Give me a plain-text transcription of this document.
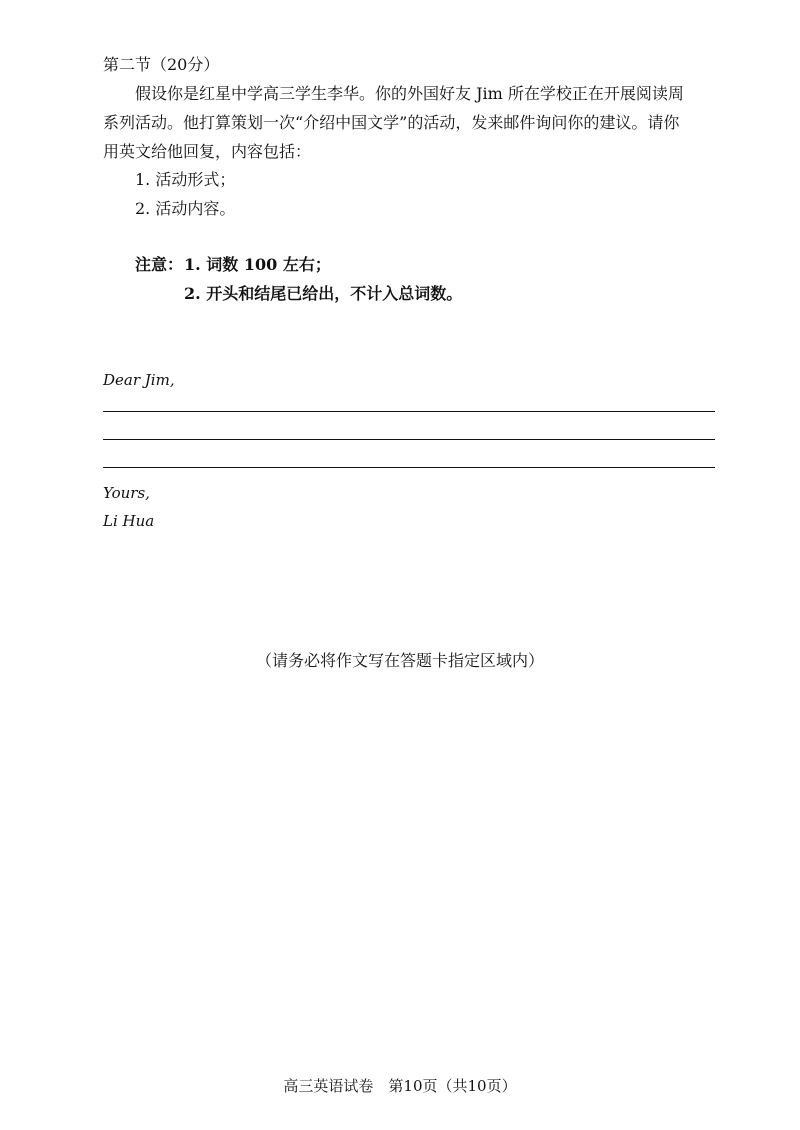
第二节（20分）
假设你是红星中学高三学生李华。你的外国好友 Jim 所在学校正在开展阅读周
系列活动。他打算策划一次“介绍中国文学”的活动，发来邮件询问你的建议。请你
用英文给他回复，内容包括：
1. 活动形式；
2. 活动内容。
注意： 1. 词数 100 左右；
2. 开头和结尾已给出，不计入总词数。
Dear Jim,
Yours,
Li Hua
（请务必将作文写在答题卡指定区域内）
高三英语试卷　第10页（共10页）
